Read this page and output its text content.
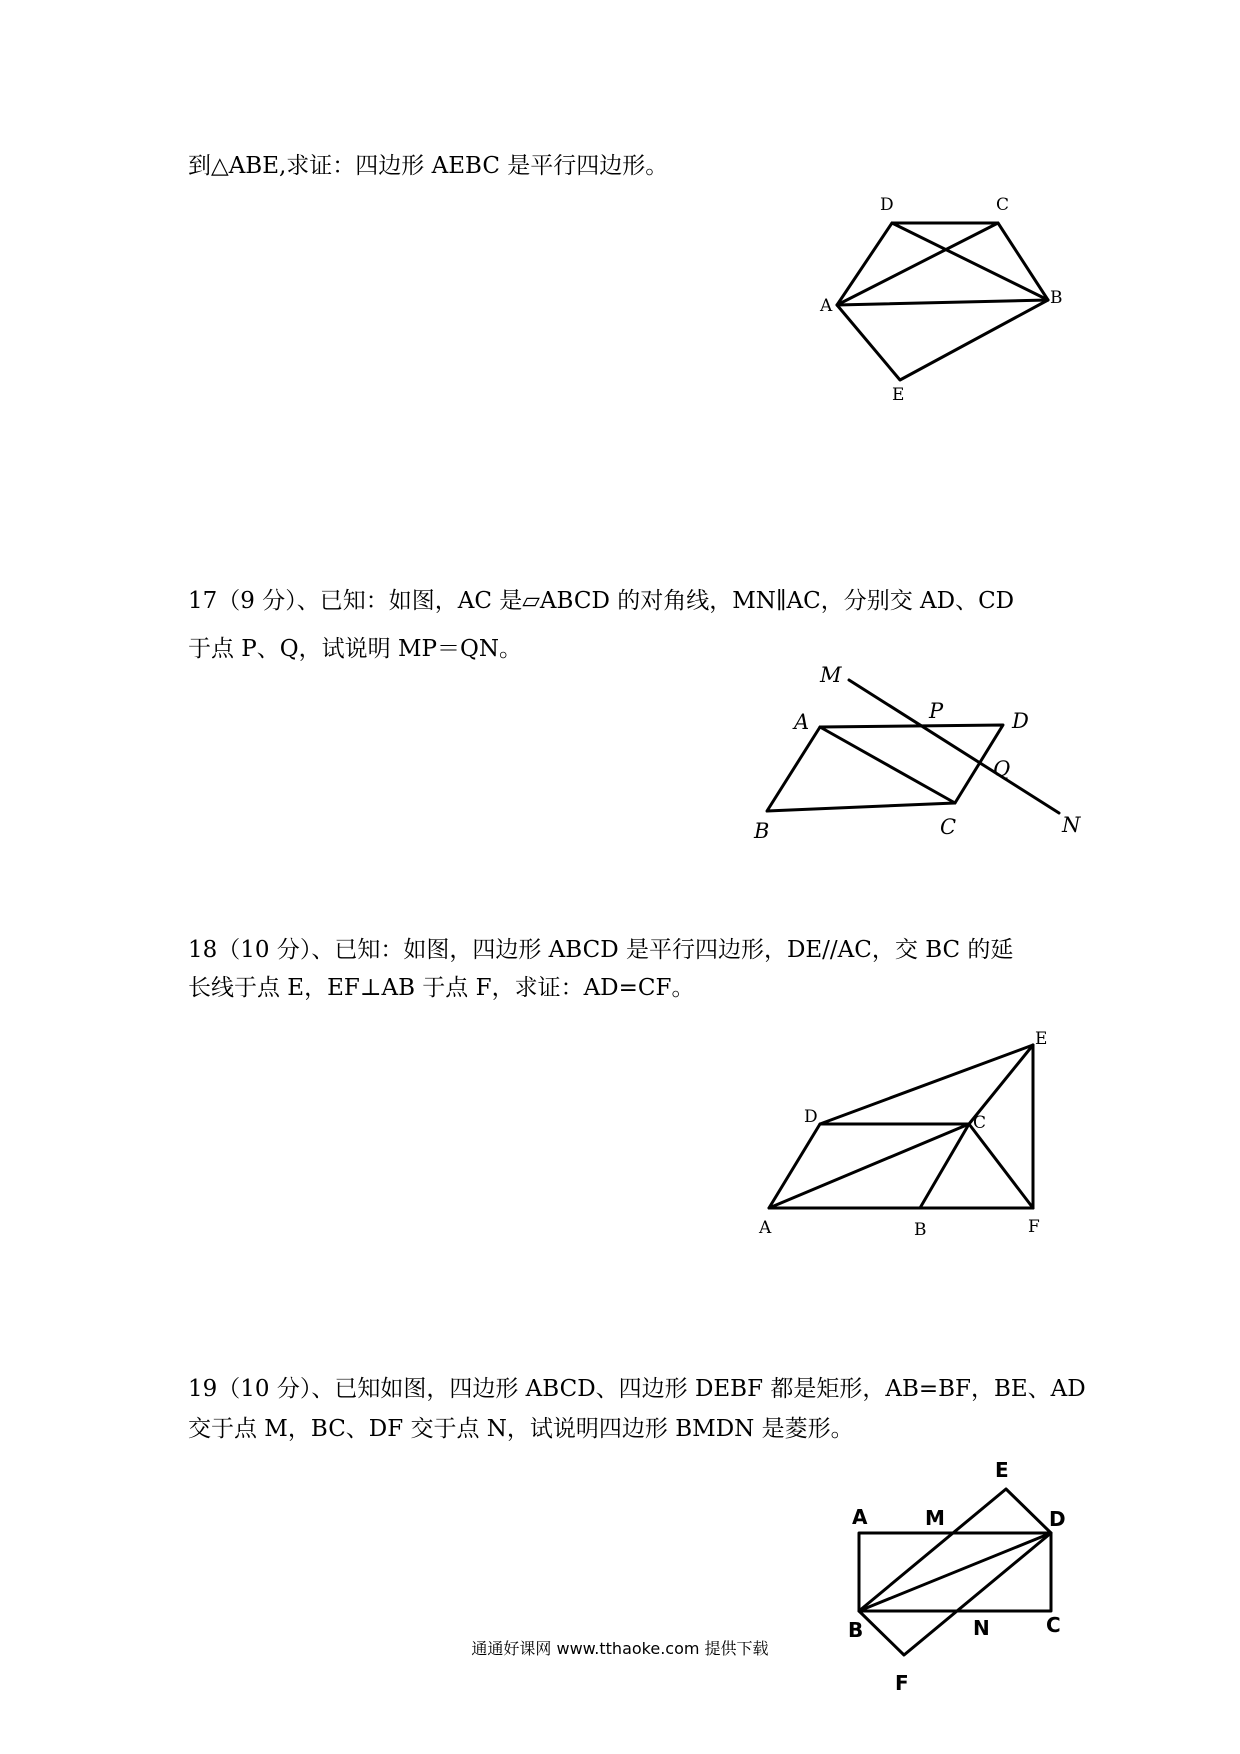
到△ABE,求证：四边形 AEBC 是平行四边形。
D	C
A	B
E
17（9 分）、已知：如图，AC 是▱ABCD 的对角线，MN∥AC，分别交 AD、CD
于点 P、Q，试说明 MP＝QN。
M
P	D
A
Q
B	C	N
18（10 分）、已知：如图，四边形 ABCD 是平行四边形，DE//AC，交 BC 的延
长线于点 E，EF⊥AB 于点 F，求证：AD=CF。
E
D	C
A	B	F
19（10 分）、已知如图，四边形 ABCD、四边形 DEBF 都是矩形，AB=BF，BE、AD
交于点 M，BC、DF 交于点 N，试说明四边形 BMDN 是菱形。
E
A	M	D
B	N	C
F
通通好课网 www.tthaoke.com 提供下载
